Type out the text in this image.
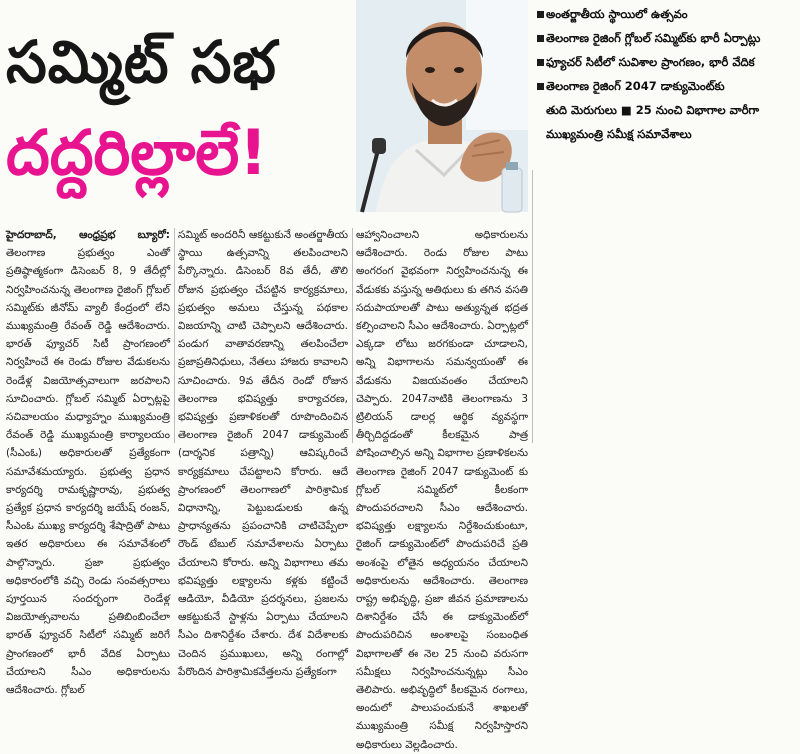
సమ్మిట్ సభ
దద్దరిల్లాలే!
అంతర్జాతీయ స్థాయిలో ఉత్సవం
తెలంగాణ రైజింగ్ గ్లోబల్ సమ్మిట్‌కు భారీ ఏర్పాట్లు
ఫ్యూచర్ సిటీలో సువిశాల ప్రాంగణం, భారీ వేదిక
తెలంగాణ రైజింగ్ 2047 డాక్యుమెంట్‌కు
తుది మెరుగులు ■ 25 నుంచి విభాగాల వారీగా
ముఖ్యమంత్రి సమీక్ష సమావేశాలు

హైదరాబాద్, ఆంధ్రప్రభ బ్యూరో: తెలంగాణ ప్రభుత్వం ఎంతో ప్రతిష్ఠాత్మకంగా డిసెంబర్ 8, 9 తేదీల్లో నిర్వహించనున్న తెలంగాణ రైజింగ్ గ్లోబల్ సమ్మిట్‌కు జీనోమ్ వ్యాలీ కేంద్రంలో లేని ముఖ్యమంత్రి రేవంత్ రెడ్డి ఆదేశించారు. భారత్ ఫ్యూచర్ సిటీ ప్రాంగణంలో నిర్వహించే ఈ రెండు రోజుల వేడుకలను రెండేళ్ల విజయోత్సవాలుగా జరపాలని సూచించారు. గ్లోబల్ సమ్మిట్ ఏర్పాట్లపై సచివాలయం మధ్యాహ్నం ముఖ్యమంత్రి రేవంత్ రెడ్డి ముఖ్యమంత్రి కార్యాలయం (సీఎంఓ) అధికారులతో ప్రత్యేకంగా సమావేశమయ్యారు. ప్రభుత్వ ప్రధాన కార్యదర్శి రామకృష్ణారావు, ప్రభుత్వ ప్రత్యేక ప్రధాన కార్యదర్శి జయేష్ రంజన్, సీఎంఓ ముఖ్య కార్యదర్శి శేషాద్రితో పాటు ఇతర అధికారులు ఈ సమావేశంలో పాల్గొన్నారు. ప్రజా ప్రభుత్వం అధికారంలోకి వచ్చి రెండు సంవత్సరాలు పూర్తయిన సందర్భంగా రెండేళ్ల విజయోత్సవాలను ప్రతిబింబించేలా భారత్ ఫ్యూచర్ సిటీలో సమ్మిట్ జరిగే ప్రాంగణంలో భారీ వేదిక ఏర్పాటు చేయాలని సీఎం అధికారులను ఆదేశించారు. గ్లోబల్

సమ్మిట్ అందరినీ ఆకట్టుకునే అంతర్జాతీయ స్థాయి ఉత్సవాన్ని తలపించాలని పేర్కొన్నారు. డిసెంబర్ 8వ తేదీ, తొలి రోజున ప్రభుత్వం చేపట్టిన కార్యక్రమాలు, ప్రభుత్వం అమలు చేస్తున్న పథకాల విజయాన్ని చాటి చెప్పాలని ఆదేశించారు. పండుగ వాతావరణాన్ని తలపించేలా ప్రజాప్రతినిధులు, నేతలు హాజరు కావాలని సూచించారు. 9వ తేదీన రెండో రోజున తెలంగాణ భవిష్యత్తు కార్యాచరణ, భవిష్యత్తు ప్రణాళికలతో రూపొందించిన తెలంగాణ రైజింగ్ 2047 డాక్యుమెంట్ (దార్శనిక పత్రాన్ని) ఆవిష్కరించే కార్యక్రమాలు చేపట్టాలని కోరారు. ఆదే ప్రాంగణంలో తెలంగాణలో పారిశ్రామిక విధానాన్ని, పెట్టుబడులకు ఉన్న ప్రాధాన్యతను ప్రపంచానికి చాటిచెప్పేలా రౌండ్ టేబుల్ సమావేశాలను ఏర్పాటు చేయాలని కోరారు. అన్ని విభాగాలు తమ భవిష్యత్తు లక్ష్యాలను కళ్లకు కట్టించే ఆడియో, వీడియో ప్రదర్శనలు, ప్రజలను ఆకట్టుకునే స్టాళ్లను ఏర్పాటు చేయాలని సీఎం దిశానిర్దేశం చేశారు. దేశ విదేశాలకు చెందిన ప్రముఖులు, అన్ని రంగాల్లో పేరొందిన పారిశ్రామికవేత్తలను ప్రత్యేకంగా

ఆహ్వానించాలని అధికారులను ఆదేశించారు. రెండు రోజుల పాటు అంగరంగ వైభవంగా నిర్వహించనున్న ఈ వేడుకకు వస్తున్న అతిథులు కు తగిన వసతి సదుపాయాలతో పాటు అత్యున్నత భద్రత కల్పించాలని సీఎం ఆదేశించారు. ఏర్పాట్లలో ఎక్కడా లోటు జరగకుండా చూడాలని, అన్ని విభాగాలను సమన్వయంతో ఈ వేడుకను విజయవంతం చేయాలని చెప్పారు. 2047నాటికి తెలంగాణను 3 ట్రిలియన్ డాలర్ల ఆర్థిక వ్యవస్థగా తీర్చిదిద్దడంతో కీలకమైన పాత్ర పోషించాల్సిన అన్ని విభాగాల ప్రణాళికలను తెలంగాణ రైజింగ్ 2047 డాక్యుమెంట్ కు గ్లోబల్ సమ్మిట్‌లో కీలకంగా పొందుపరచాలని సీఎం ఆదేశించారు. భవిష్యత్తు లక్ష్యాలను నిర్దేశించుకుంటూ, రైజింగ్ డాక్యుమెంట్‌లో పొందుపరిచే ప్రతి అంశంపై లోతైన అధ్యయనం చేయాలని అధికారులను ఆదేశించారు. తెలంగాణ రాష్ట్ర అభివృద్ధి, ప్రజా జీవన ప్రమాణాలను దిశానిర్దేశం చేసే ఈ డాక్యుమెంట్‌లో పొందుపరిచిన అంశాలపై సంబంధిత విభాగాలతో ఈ నెల 25 నుంచి వరుసగా సమీక్షలు నిర్వహించనున్నట్లు సీఎం తెలిపారు. అభివృద్ధిలో కీలకమైన రంగాలు, అందులో పాలుపంచుకునే శాఖలతో ముఖ్యమంత్రి సమీక్ష నిర్వహిస్తారని అధికారులు వెల్లడించారు.
